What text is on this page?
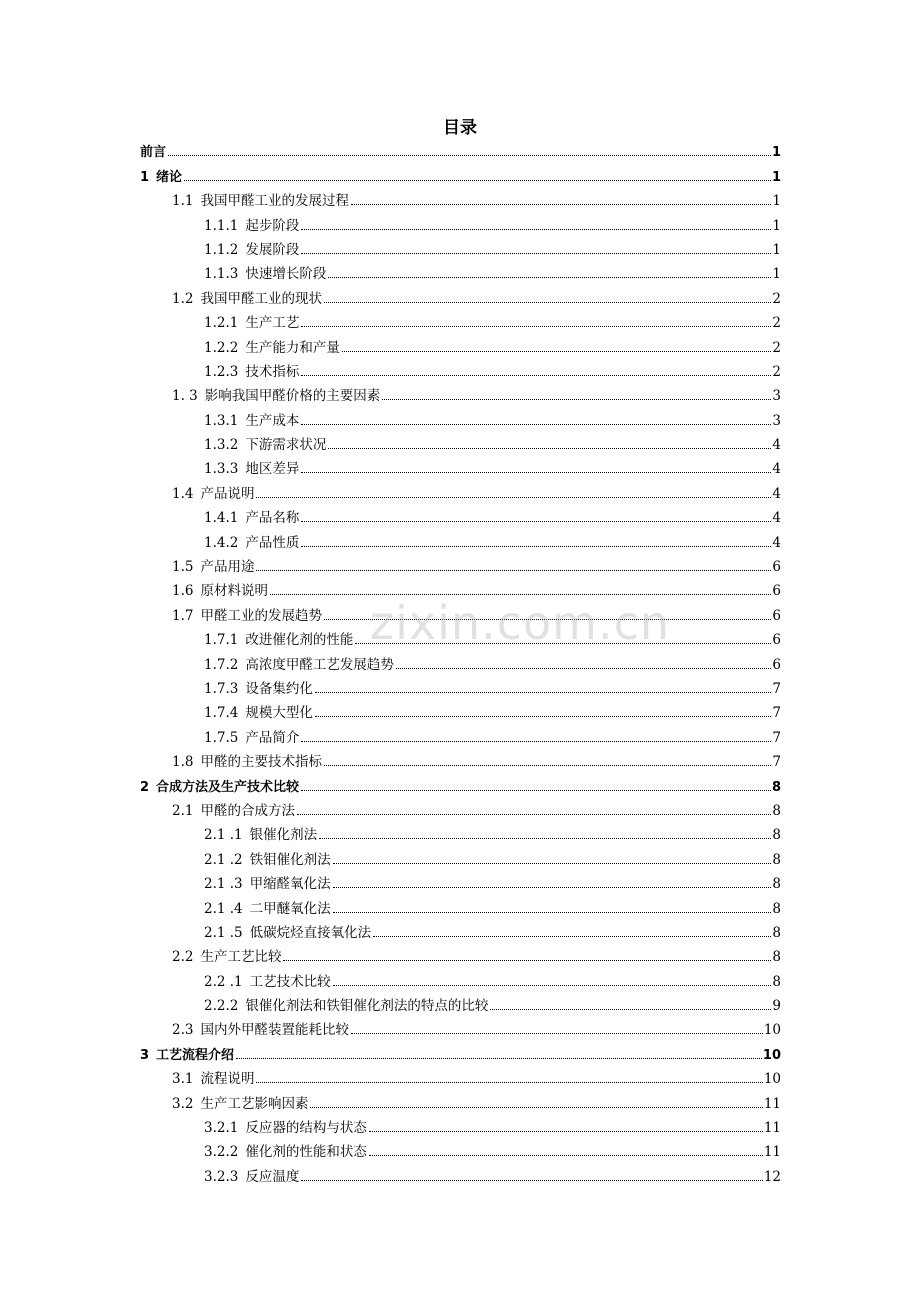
目录
前言	1
1 绪论	1
1.1 我国甲醛工业的发展过程	1
1.1.1 起步阶段	1
1.1.2 发展阶段	1
1.1.3 快速增长阶段	1
1.2 我国甲醛工业的现状	2
1.2.1 生产工艺	2
1.2.2 生产能力和产量	2
1.2.3 技术指标	2
1. 3 影响我国甲醛价格的主要因素	3
1.3.1 生产成本	3
1.3.2 下游需求状况	4
1.3.3 地区差异	4
1.4 产品说明	4
1.4.1 产品名称	4
1.4.2 产品性质	4
1.5 产品用途	6
1.6 原材料说明	6
1.7 甲醛工业的发展趋势	6
1.7.1 改进催化剂的性能	6
1.7.2 高浓度甲醛工艺发展趋势	6
1.7.3 设备集约化	7
1.7.4 规模大型化	7
1.7.5 产品简介	7
1.8 甲醛的主要技术指标	7
2 合成方法及生产技术比较	8
2.1 甲醛的合成方法	8
2.1 .1 银催化剂法	8
2.1 .2 铁钼催化剂法	8
2.1 .3 甲缩醛氧化法	8
2.1 .4 二甲醚氧化法	8
2.1 .5 低碳烷烃直接氧化法	8
2.2 生产工艺比较	8
2.2 .1 工艺技术比较	8
2.2.2 银催化剂法和铁钼催化剂法的特点的比较	9
2.3 国内外甲醛装置能耗比较	10
3 工艺流程介绍	10
3.1 流程说明	10
3.2 生产工艺影响因素	11
3.2.1 反应器的结构与状态	11
3.2.2 催化剂的性能和状态	11
3.2.3 反应温度	12
zixin.com.cn
